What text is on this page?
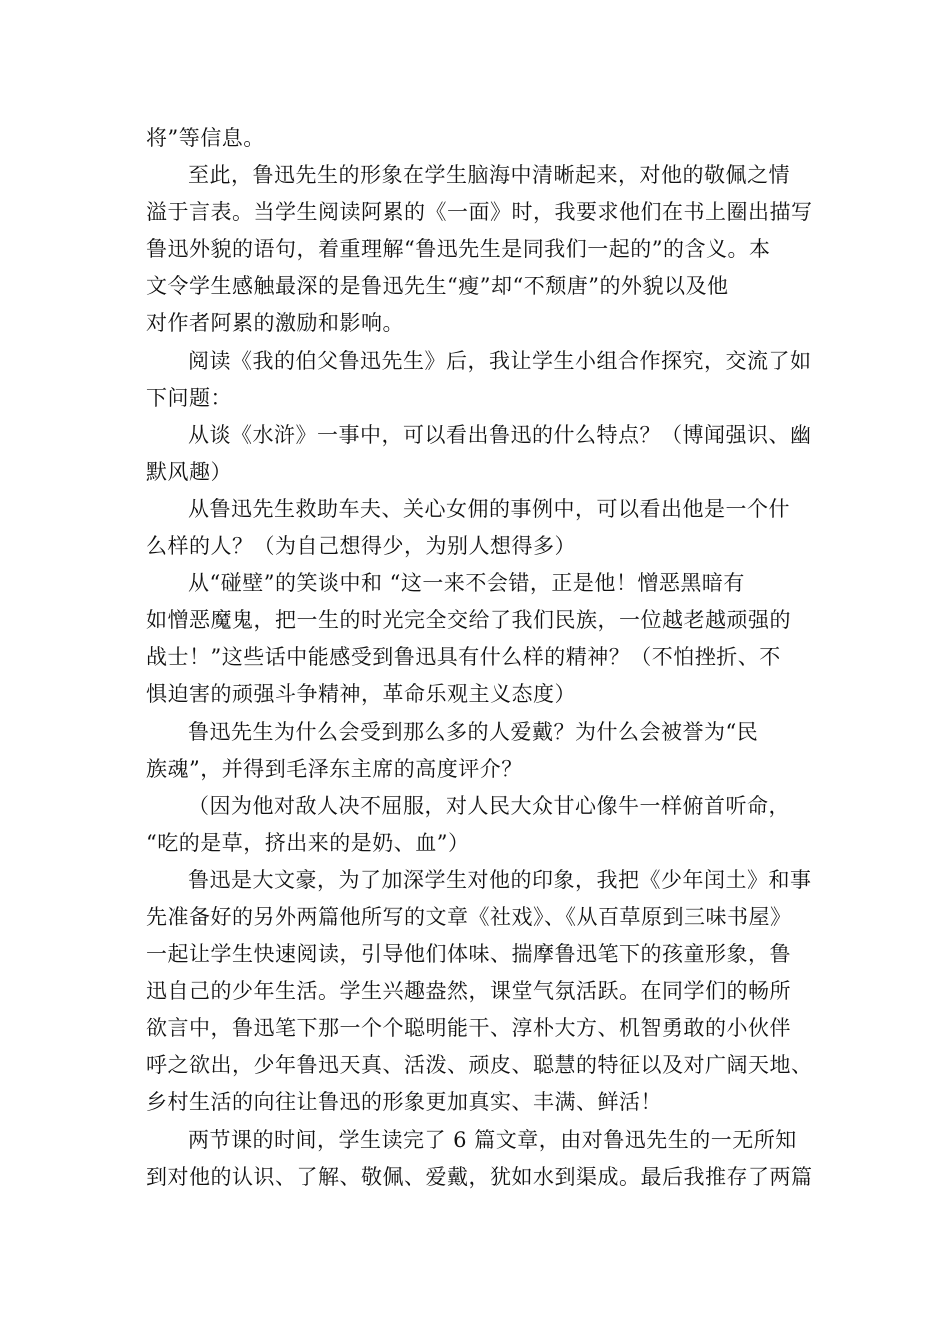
将”等信息。
至此，鲁迅先生的形象在学生脑海中清晰起来，对他的敬佩之情
溢于言表。当学生阅读阿累的《一面》时，我要求他们在书上圈出描写
鲁迅外貌的语句，着重理解“鲁迅先生是同我们一起的”的含义。本
文令学生感触最深的是鲁迅先生“瘦”却“不颓唐”的外貌以及他
对作者阿累的激励和影响。
阅读《我的伯父鲁迅先生》后，我让学生小组合作探究，交流了如
下问题：
从谈《水浒》一事中，可以看出鲁迅的什么特点？（博闻强识、幽
默风趣）
从鲁迅先生救助车夫、关心女佣的事例中，可以看出他是一个什
么样的人？（为自己想得少，为别人想得多）
从“碰壁”的笑谈中和 “这一来不会错，正是他！憎恶黑暗有
如憎恶魔鬼，把一生的时光完全交给了我们民族，一位越老越顽强的
战士！”这些话中能感受到鲁迅具有什么样的精神？（不怕挫折、不
惧迫害的顽强斗争精神，革命乐观主义态度）
鲁迅先生为什么会受到那么多的人爱戴？为什么会被誉为“民
族魂”，并得到毛泽东主席的高度评介？
（因为他对敌人决不屈服，对人民大众甘心像牛一样俯首听命，
“吃的是草，挤出来的是奶、血”）
鲁迅是大文豪，为了加深学生对他的印象，我把《少年闰土》和事
先准备好的另外两篇他所写的文章《社戏》、《从百草原到三味书屋》
一起让学生快速阅读，引导他们体味、揣摩鲁迅笔下的孩童形象，鲁
迅自己的少年生活。学生兴趣盎然，课堂气氛活跃。在同学们的畅所
欲言中，鲁迅笔下那一个个聪明能干、淳朴大方、机智勇敢的小伙伴
呼之欲出，少年鲁迅天真、活泼、顽皮、聪慧的特征以及对广阔天地、
乡村生活的向往让鲁迅的形象更加真实、丰满、鲜活！
两节课的时间，学生读完了 6 篇文章，由对鲁迅先生的一无所知
到对他的认识、了解、敬佩、爱戴，犹如水到渠成。最后我推存了两篇
